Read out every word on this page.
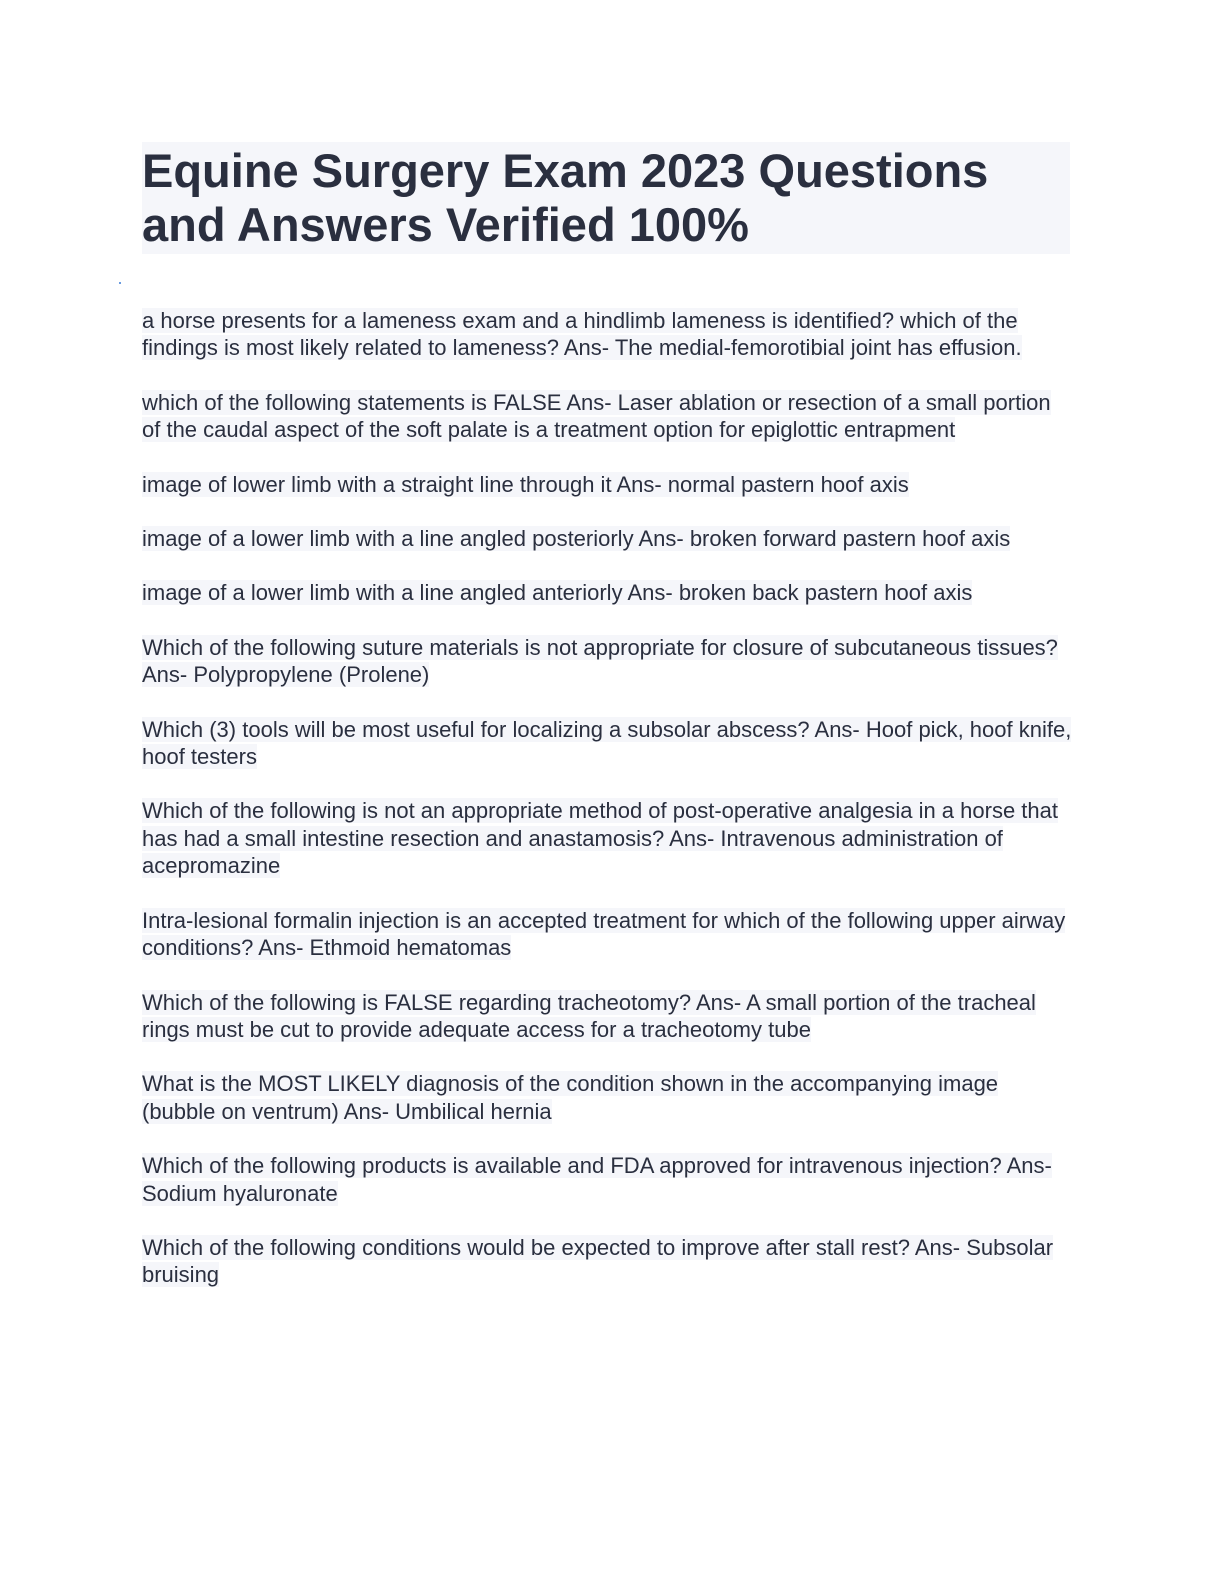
Equine Surgery Exam 2023 Questions and Answers Verified 100%

a horse presents for a lameness exam and a hindlimb lameness is identified? which of the findings is most likely related to lameness? Ans- The medial-femorotibial joint has effusion.

which of the following statements is FALSE Ans- Laser ablation or resection of a small portion of the caudal aspect of the soft palate is a treatment option for epiglottic entrapment

image of lower limb with a straight line through it Ans- normal pastern hoof axis

image of a lower limb with a line angled posteriorly Ans- broken forward pastern hoof axis

image of a lower limb with a line angled anteriorly Ans- broken back pastern hoof axis

Which of the following suture materials is not appropriate for closure of subcutaneous tissues? Ans- Polypropylene (Prolene)

Which (3) tools will be most useful for localizing a subsolar abscess? Ans- Hoof pick, hoof knife, hoof testers

Which of the following is not an appropriate method of post-operative analgesia in a horse that has had a small intestine resection and anastamosis? Ans- Intravenous administration of acepromazine

Intra-lesional formalin injection is an accepted treatment for which of the following upper airway conditions? Ans- Ethmoid hematomas

Which of the following is FALSE regarding tracheotomy? Ans- A small portion of the tracheal rings must be cut to provide adequate access for a tracheotomy tube

What is the MOST LIKELY diagnosis of the condition shown in the accompanying image (bubble on ventrum) Ans- Umbilical hernia

Which of the following products is available and FDA approved for intravenous injection? Ans- Sodium hyaluronate

Which of the following conditions would be expected to improve after stall rest? Ans- Subsolar bruising
